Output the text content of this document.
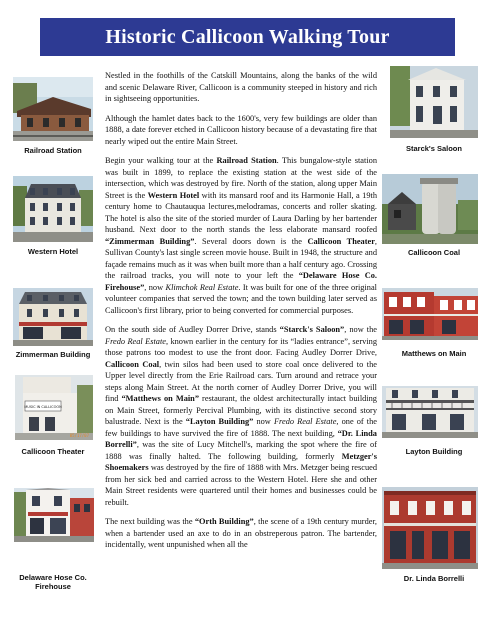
Historic Callicoon Walking Tour
Railroad Station
Western Hotel
Zimmerman Building
MUSIC IN CALLICOON
05/17/07
Callicoon Theater
Delaware Hose Co. Firehouse
Starck's Saloon
Callicoon Coal
Matthews on Main
Layton Building
Dr. Linda Borrelli

Nestled in the foothills of the Catskill Mountains, along the banks of the wild and scenic Delaware River, Callicoon is a community steeped in history and rich in sightseeing opportunities.

Although the hamlet dates back to the 1600's, very few buildings are older than 1888, a date forever etched in Callicoon history because of a devastating fire that nearly wiped out the entire Main Street.

Begin your walking tour at the Railroad Station. This bungalow-style station was built in 1899, to replace the existing station at the west side of the intersection, which was destroyed by fire. North of the station, along upper Main Street is the Western Hotel with its mansard roof and its Harmonie Hall, a 19th century home to Chautauqua lectures,melodramas, concerts and roller skating. The hotel is also the site of the storied murder of Laura Darling by her bartender husband. Next door to the north stands the less elaborate mansard roofed “Zimmerman Building”. Several doors down is the Callicoon Theater, Sullivan County's last single screen movie house. Built in 1948, the structure and façade remains much as it was when built more than a half century ago. Crossing the railroad tracks, you will note to your left the “Delaware Hose Co. Firehouse”, now Klimchok Real Estate. It was built for one of the three original volunteer companies that served the town; and the town building later served as Callicoon's first library, prior to being converted for commercial purposes.

On the south side of Audley Dorrer Drive, stands “Starck's Saloon”, now the Fredo Real Estate, known earlier in the century for its “ladies entrance”, serving those patrons too modest to use the front door. Facing Audley Dorrer Drive, Callicoon Coal, twin silos had been used to store coal once delivered to the Upper level directly from the Erie Railroad cars. Turn around and retrace your steps along Main Street. At the north corner of Audley Dorrer Drive, you will find “Matthews on Main” restaurant, the oldest architecturally intact building on Main Street, formerly Percival Plumbing, with its distinctive second story balustrade. Next is the “Layton Building” now Fredo Real Estate, one of the few buildings to have survived the fire of 1888. The next building, “Dr. Linda Borrelli”, was the site of Lucy Mitchell's, marking the spot where the fire of 1888 was finally halted. The following building, formerly Metzger's Shoemakers was destroyed by the fire of 1888 with Mrs. Metzger being rescued from her sick bed and carried across to the Western Hotel. Here she and other Main Street residents were quartered until their homes and businesses could be rebuilt.

The next building was the “Orth Building”, the scene of a 19th century murder, when a bartender used an axe to do in an obstreperous patron. The bartender, incidentally, went unpunished when all the
